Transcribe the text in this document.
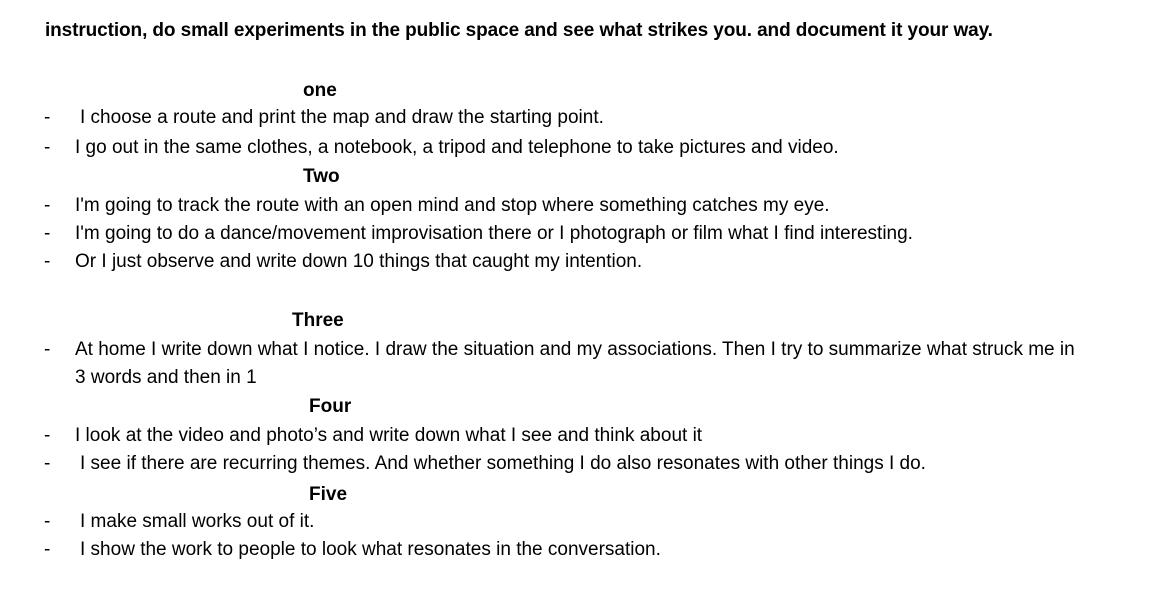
instruction, do small experiments in the public space and see what strikes you. and document it your way.
one
- I choose a route and print the map and draw the starting point.
- I go out in the same clothes, a notebook, a tripod and telephone to take pictures and video.
Two
- I'm going to track the route with an open mind and stop where something catches my eye.
- I'm going to do a dance/movement improvisation there or I photograph or film what I find interesting.
- Or I just observe and write down 10 things that caught my intention.
Three
- At home I write down what I notice. I draw the situation and my associations. Then I try to summarize what struck me in 3 words and then in 1
Four
- I look at the video and photo’s and write down what I see and think about it
- I see if there are recurring themes. And whether something I do also resonates with other things I do.
Five
- I make small works out of it.
- I show the work to people to look what resonates in the conversation.
